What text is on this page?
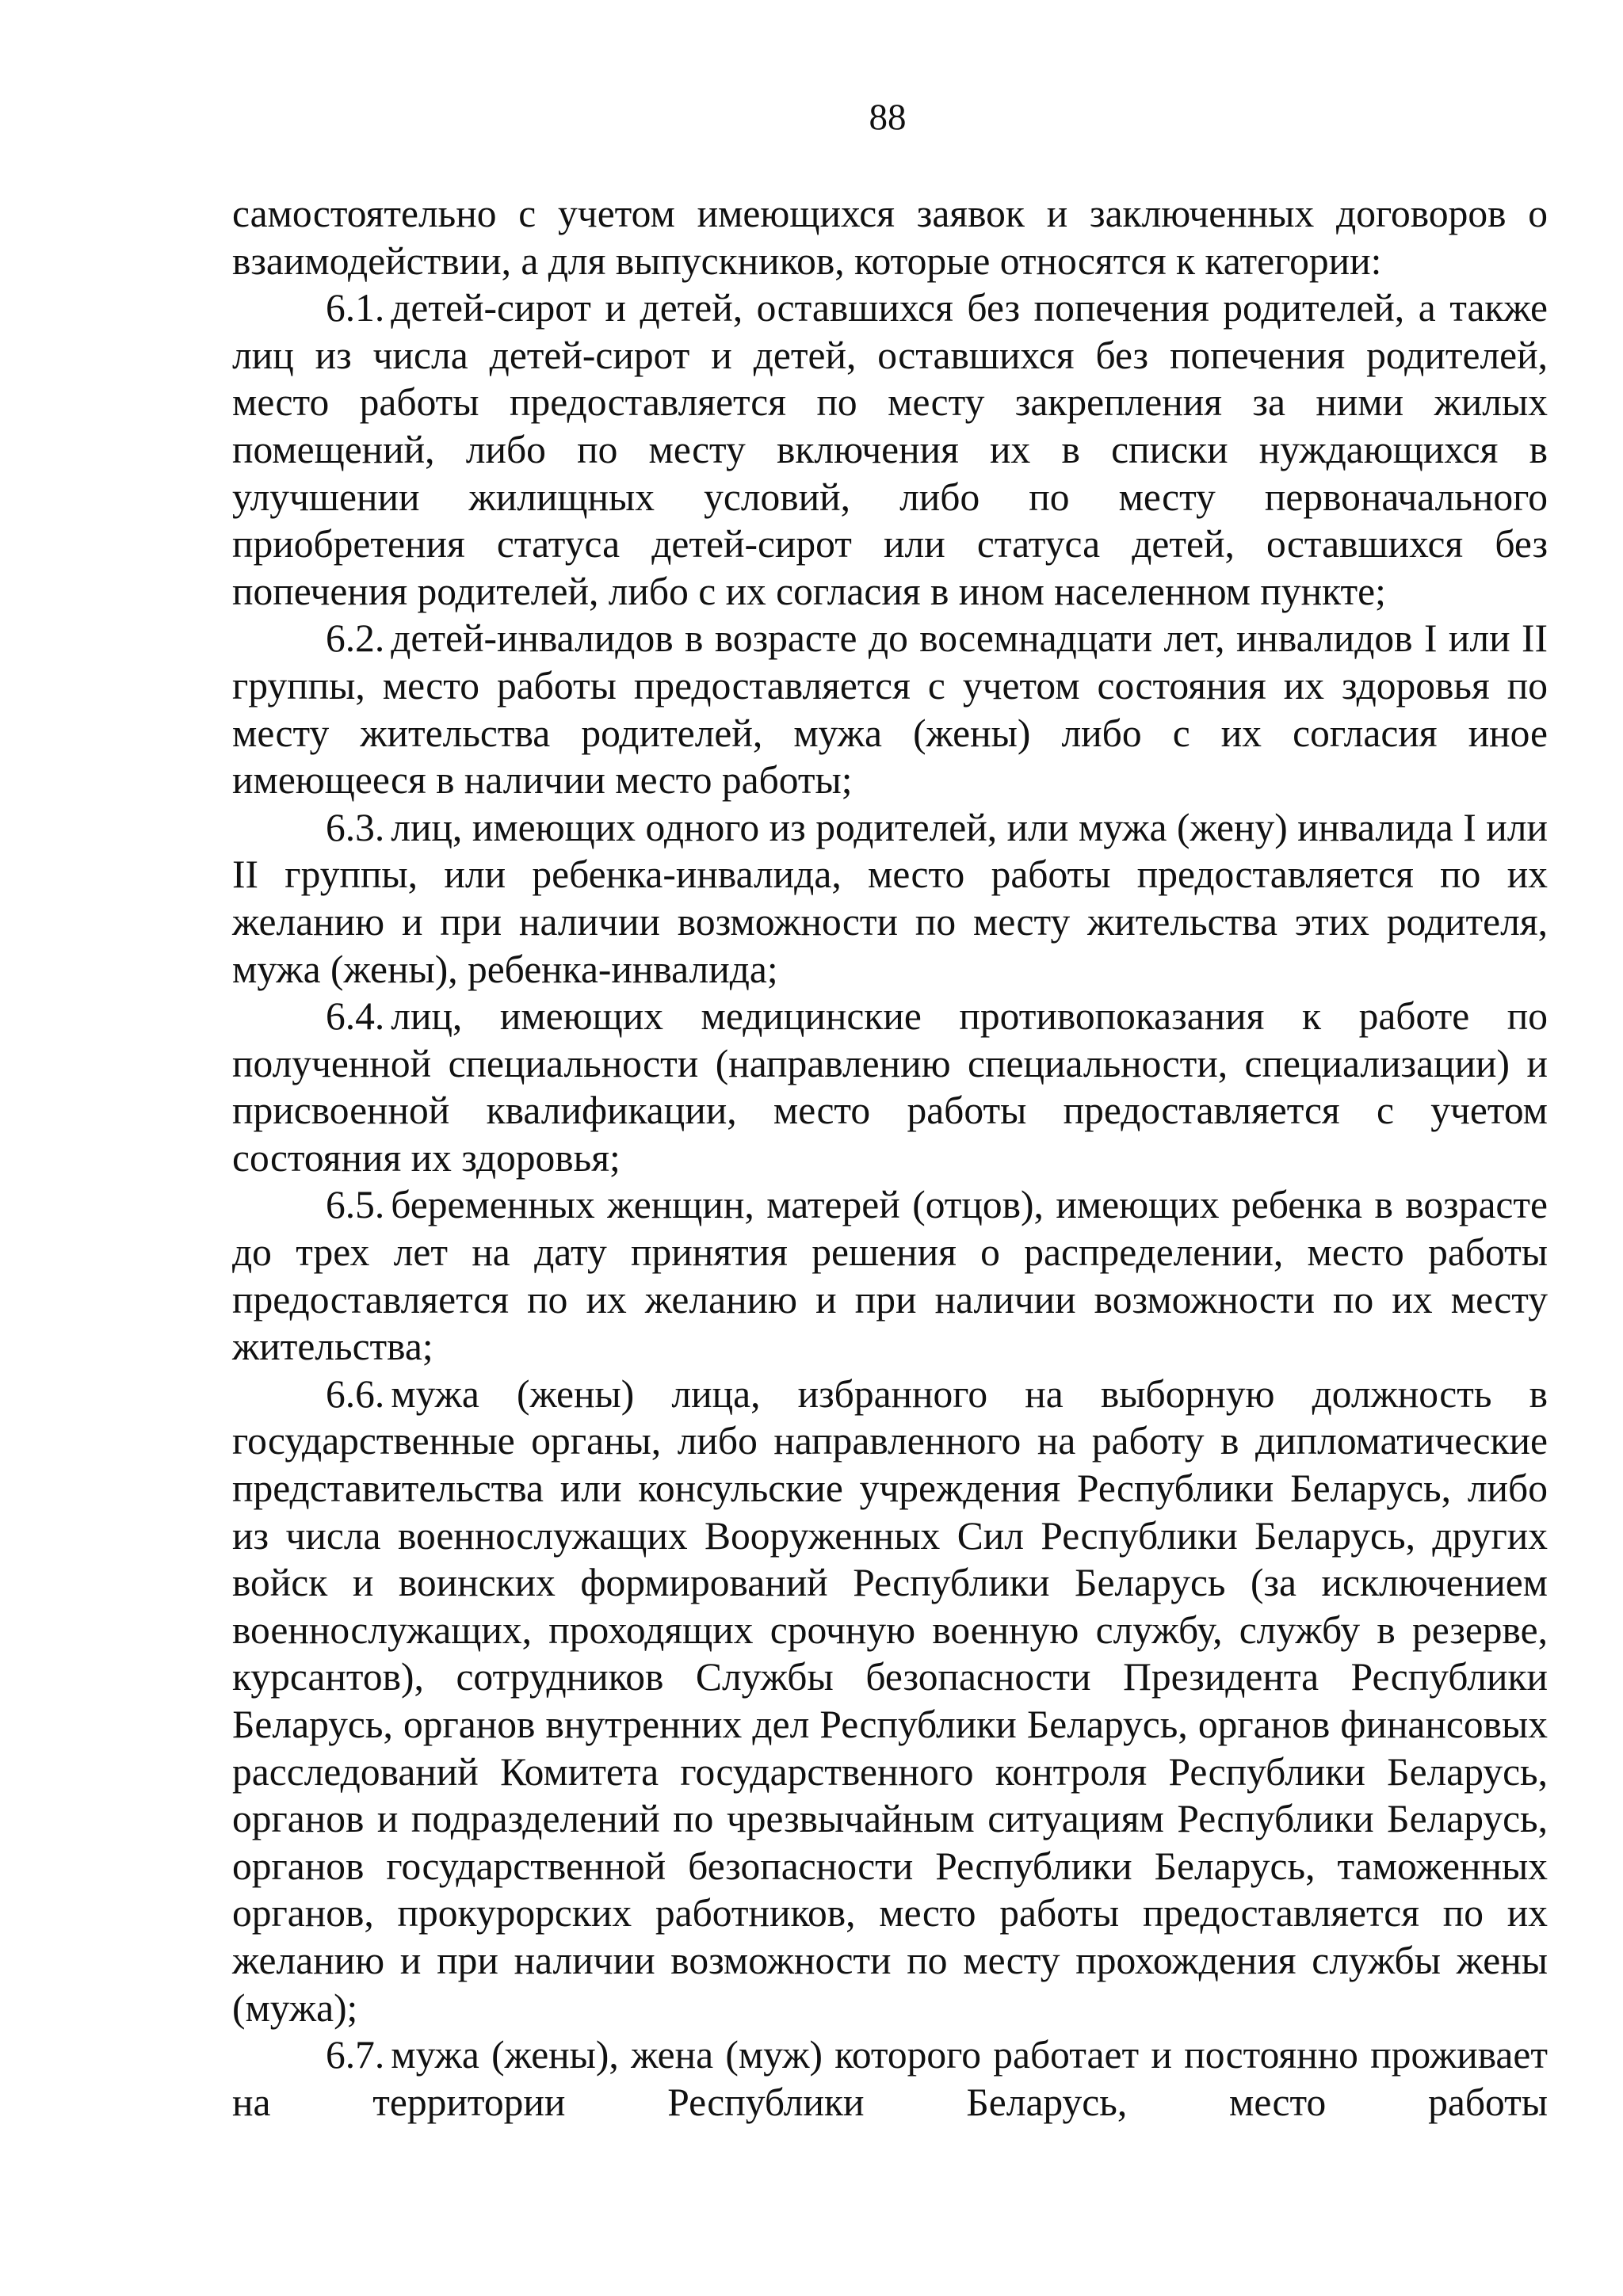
88

самостоятельно с учетом имеющихся заявок и заключенных договоров о взаимодействии, а для выпускников, которые относятся к категории:

6.1. детей-сирот и детей, оставшихся без попечения родителей, а также лиц из числа детей-сирот и детей, оставшихся без попечения родителей, место работы предоставляется по месту закрепления за ними жилых помещений, либо по месту включения их в списки нуждающихся в улучшении жилищных условий, либо по месту первоначального приобретения статуса детей-сирот или статуса детей, оставшихся без попечения родителей, либо с их согласия в ином населенном пункте;

6.2. детей-инвалидов в возрасте до восемнадцати лет, инвалидов I или II группы, место работы предоставляется с учетом состояния их здоровья по месту жительства родителей, мужа (жены) либо с их согласия иное имеющееся в наличии место работы;

6.3. лиц, имеющих одного из родителей, или мужа (жену) инвалида I или II группы, или ребенка-инвалида, место работы предоставляется по их желанию и при наличии возможности по месту жительства этих родителя, мужа (жены), ребенка-инвалида;

6.4. лиц, имеющих медицинские противопоказания к работе по полученной специальности (направлению специальности, специализации) и присвоенной квалификации, место работы предоставляется с учетом состояния их здоровья;

6.5. беременных женщин, матерей (отцов), имеющих ребенка в возрасте до трех лет на дату принятия решения о распределении, место работы предоставляется по их желанию и при наличии возможности по их месту жительства;

6.6. мужа (жены) лица, избранного на выборную должность в государственные органы, либо направленного на работу в дипломатические представительства или консульские учреждения Республики Беларусь, либо из числа военнослужащих Вооруженных Сил Республики Беларусь, других войск и воинских формирований Республики Беларусь (за исключением военнослужащих, проходящих срочную военную службу, службу в резерве, курсантов), сотрудников Службы безопасности Президента Республики Беларусь, органов внутренних дел Республики Беларусь, органов финансовых расследований Комитета государственного контроля Республики Беларусь, органов и подразделений по чрезвычайным ситуациям Республики Беларусь, органов государственной безопасности Республики Беларусь, таможенных органов, прокурорских работников, место работы предоставляется по их желанию и при наличии возможности по месту прохождения службы жены (мужа);

6.7. мужа (жены), жена (муж) которого работает и постоянно проживает на территории Республики Беларусь, место работы
